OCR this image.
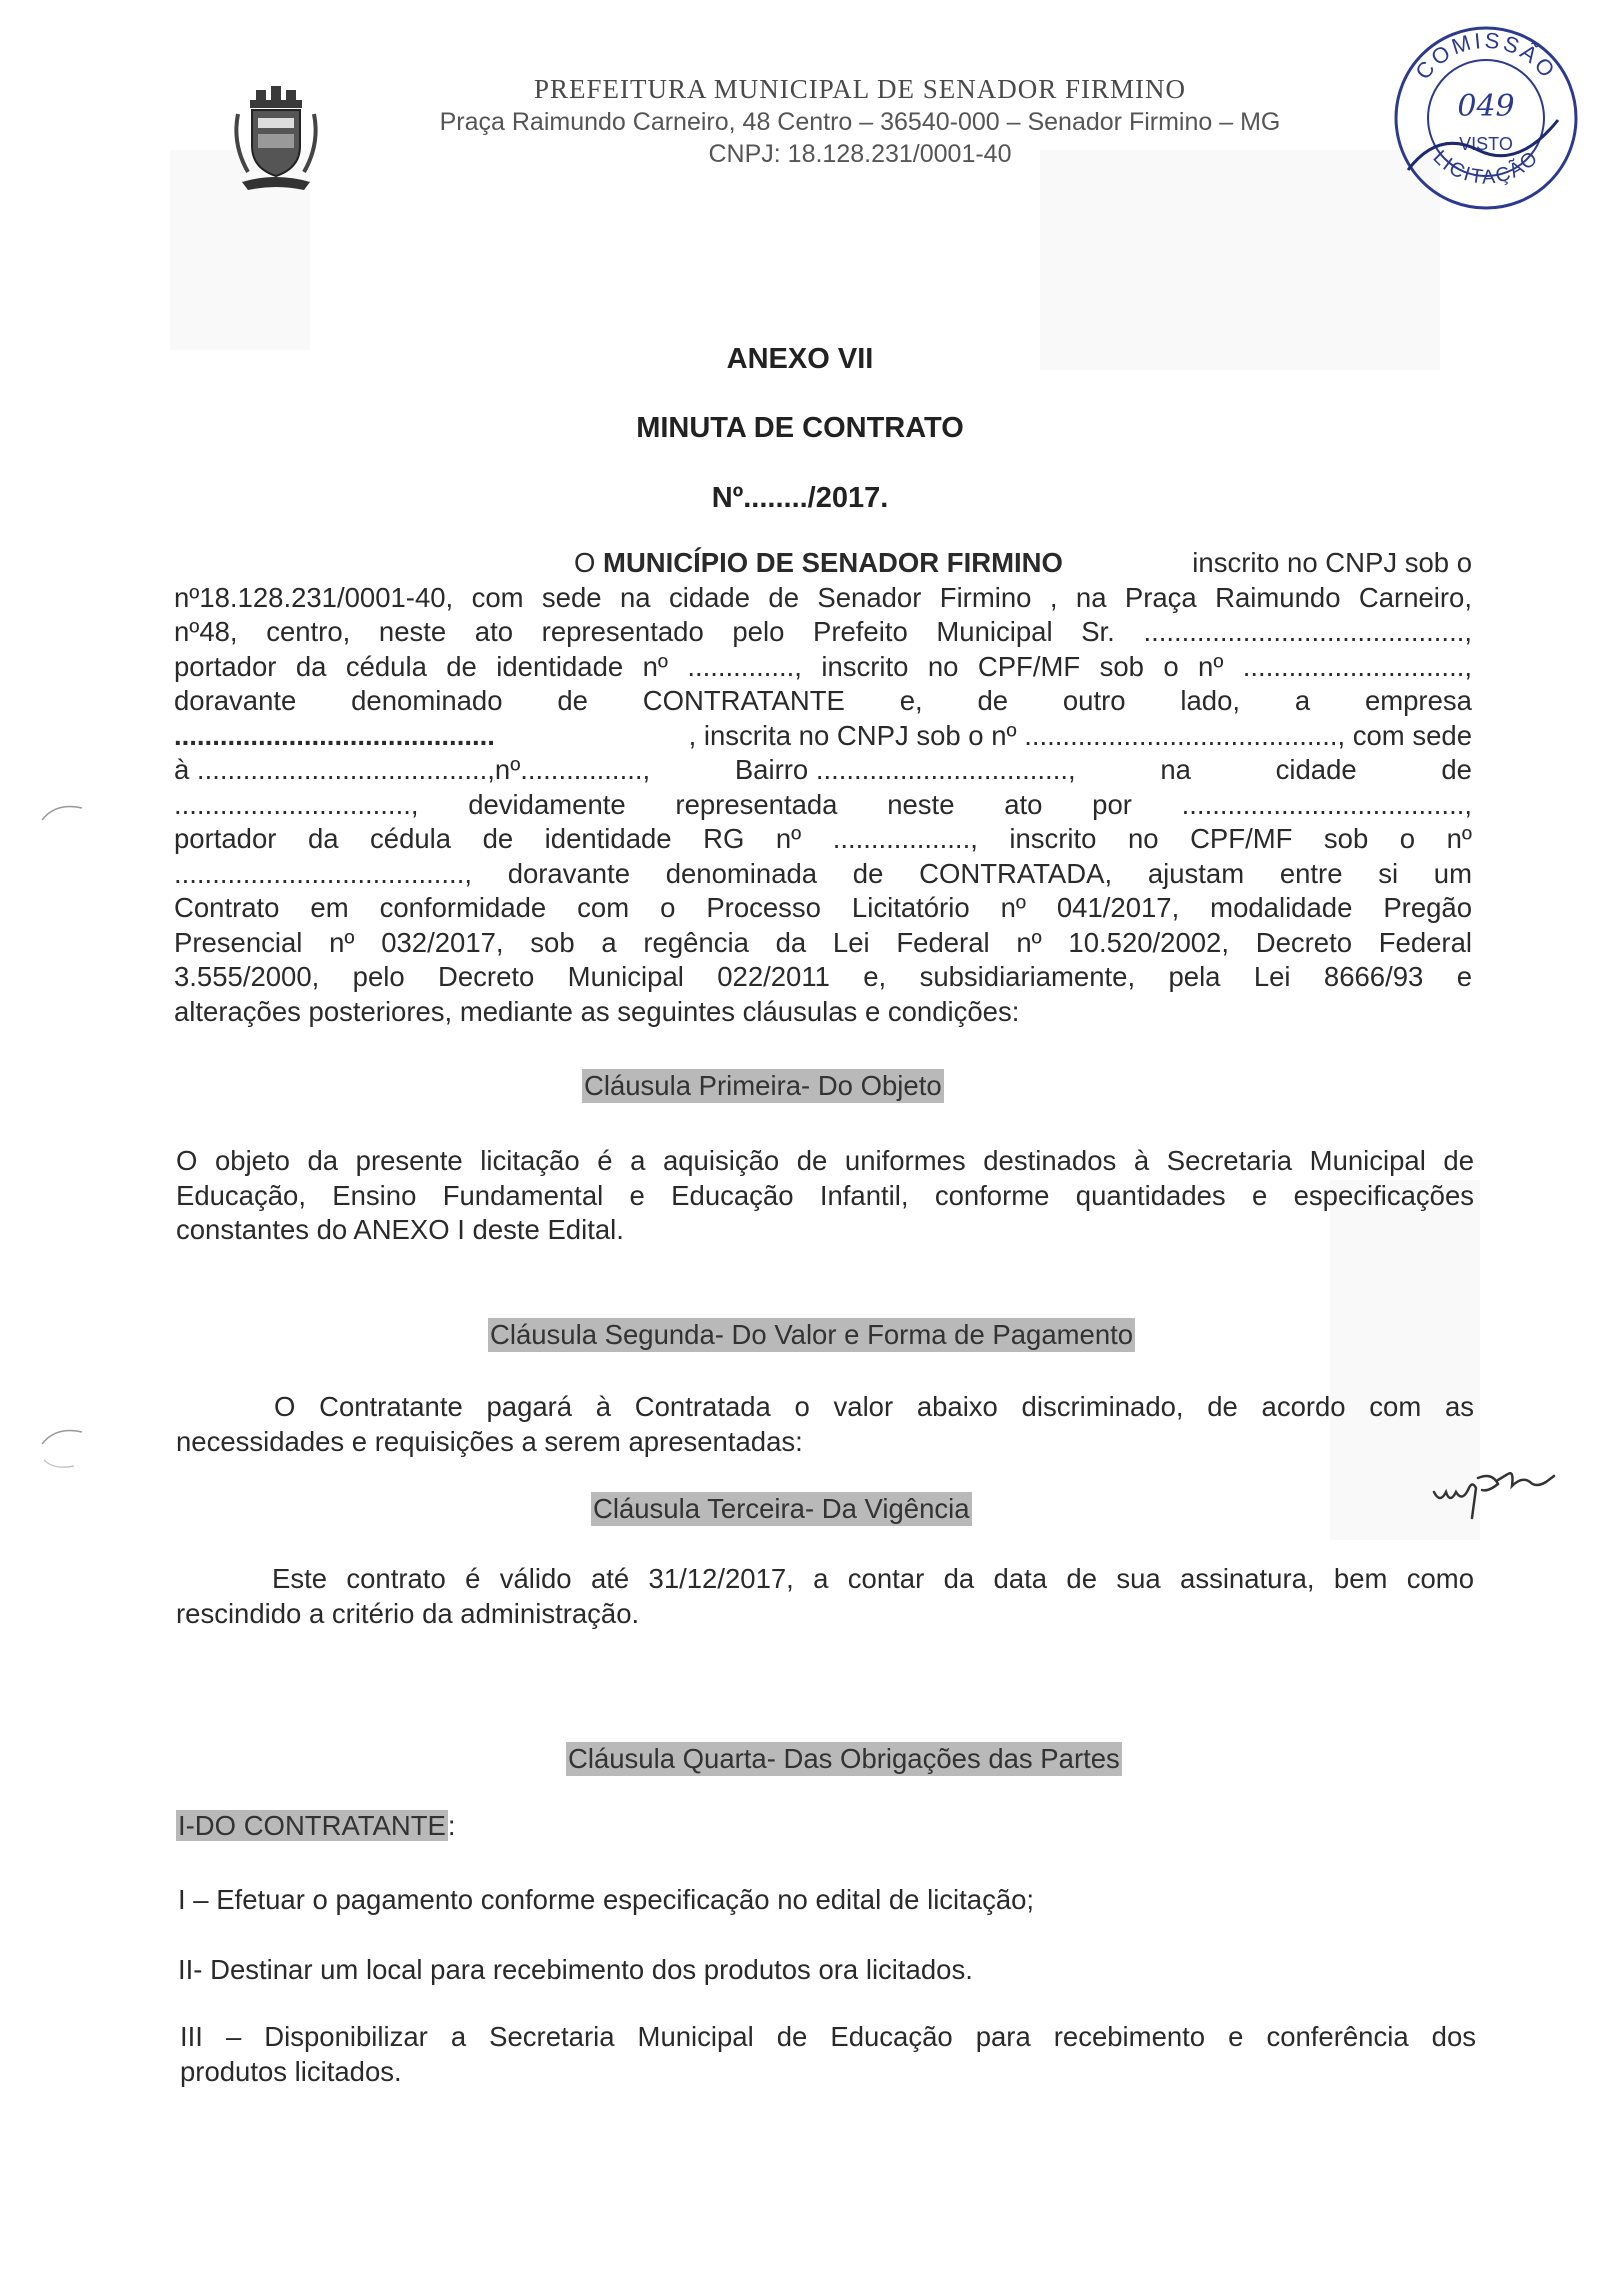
PREFEITURA MUNICIPAL DE SENADOR FIRMINO
Praça Raimundo Carneiro, 48 Centro – 36540-000 – Senador Firmino – MG
CNPJ: 18.128.231/0001-40
COMISSÃO
LICITAÇÃO
049
VISTO
ANEXO VII
MINUTA DE CONTRATO
Nº......../2017.
O MUNICÍPIO DE SENADOR FIRMINO	inscrito no CNPJ sob o
nº18.128.231/0001-40, com sede na cidade de Senador Firmino , na Praça Raimundo Carneiro,
nº48, centro, neste ato representado pelo Prefeito Municipal Sr. ..........................................,
portador da cédula de identidade nº .............., inscrito no CPF/MF sob o nº .............................,
doravante denominado de CONTRATANTE e, de outro lado, a empresa
..........................................	, inscrita no CNPJ sob o nº ........................................., com sede
à ......................................,nº................,	Bairro .................................,	na	cidade	de
..............................., devidamente representada neste ato por .....................................,
portador da cédula de identidade RG nº .................., inscrito no CPF/MF sob o nº
......................................, doravante denominada de CONTRATADA, ajustam entre si um
Contrato em conformidade com o Processo Licitatório nº 041/2017, modalidade Pregão
Presencial nº 032/2017, sob a regência da Lei Federal nº 10.520/2002, Decreto Federal
3.555/2000, pelo Decreto Municipal 022/2011 e, subsidiariamente, pela Lei 8666/93 e
alterações posteriores, mediante as seguintes cláusulas e condições:
Cláusula Primeira- Do Objeto
O objeto da presente licitação é a aquisição de uniformes destinados à Secretaria Municipal de
Educação, Ensino Fundamental e Educação Infantil, conforme quantidades e especificações
constantes do ANEXO I deste Edital.
Cláusula Segunda- Do Valor e Forma de Pagamento
O Contratante pagará à Contratada o valor abaixo discriminado, de acordo com as
necessidades e requisições a serem apresentadas:
Cláusula Terceira- Da Vigência
Este contrato é válido até 31/12/2017, a contar da data de sua assinatura, bem como
rescindido a critério da administração.
Cláusula Quarta- Das Obrigações das Partes
I-DO CONTRATANTE:
I – Efetuar o pagamento conforme especificação no edital de licitação;
II- Destinar um local para recebimento dos produtos ora licitados.
III – Disponibilizar a Secretaria Municipal de Educação para recebimento e conferência dos
produtos licitados.
